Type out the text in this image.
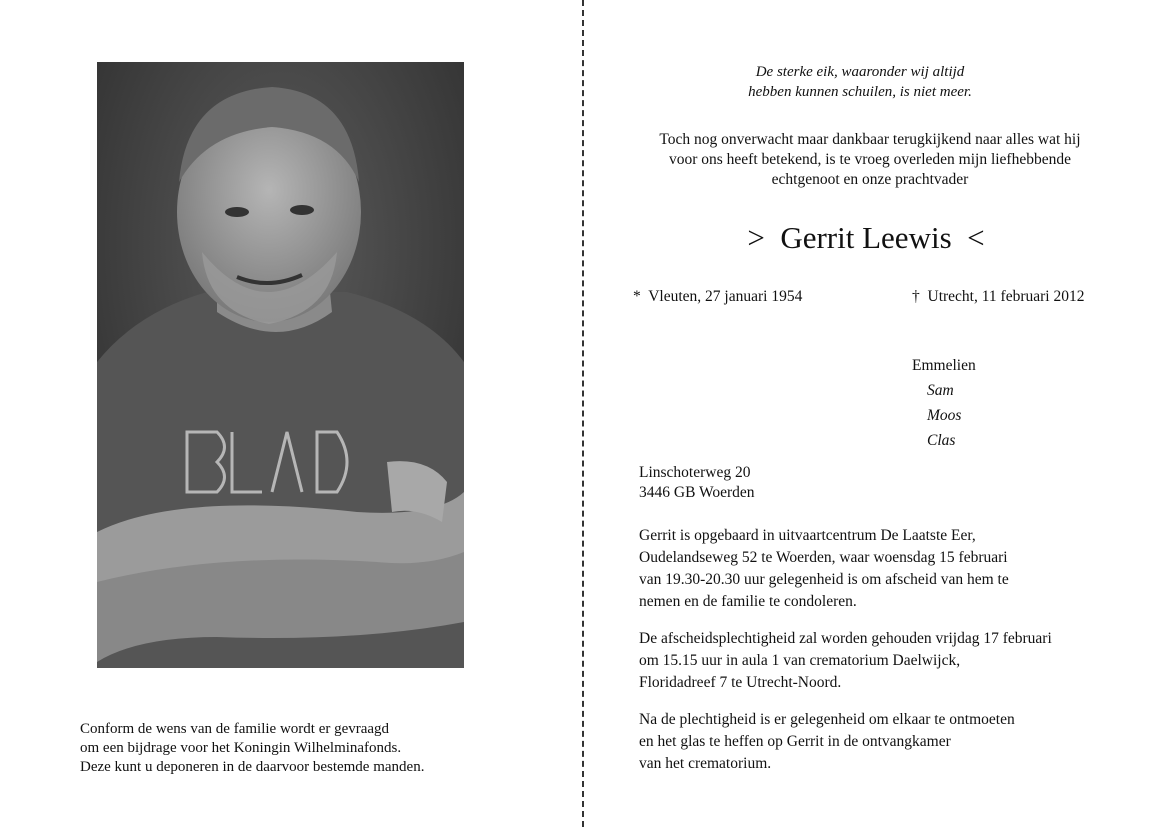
Conform de wens van de familie wordt er gevraagd
om een bijdrage voor het Koningin Wilhelminafonds.
Deze kunt u deponeren in de daarvoor bestemde manden.
De sterke eik, waaronder wij altijd
hebben kunnen schuilen, is niet meer.
Toch nog onverwacht maar dankbaar terugkijkend naar alles wat hij
voor ons heeft betekend, is te vroeg overleden mijn liefhebbende
echtgenoot en onze prachtvader
>  Gerrit Leewis  <
*  Vleuten, 27 januari 1954	†  Utrecht, 11 februari 2012
Emmelien
Sam
Moos
Clas
Linschoterweg 20
3446 GB Woerden
Gerrit is opgebaard in uitvaartcentrum De Laatste Eer,
Oudelandseweg 52 te Woerden, waar woensdag 15 februari
van 19.30-20.30 uur gelegenheid is om afscheid van hem te
nemen en de familie te condoleren.
De afscheidsplechtigheid zal worden gehouden vrijdag 17 februari
om 15.15 uur in aula 1 van crematorium Daelwijck,
Floridadreef 7 te Utrecht-Noord.
Na de plechtigheid is er gelegenheid om elkaar te ontmoeten
en het glas te heffen op Gerrit in de ontvangkamer
van het crematorium.
